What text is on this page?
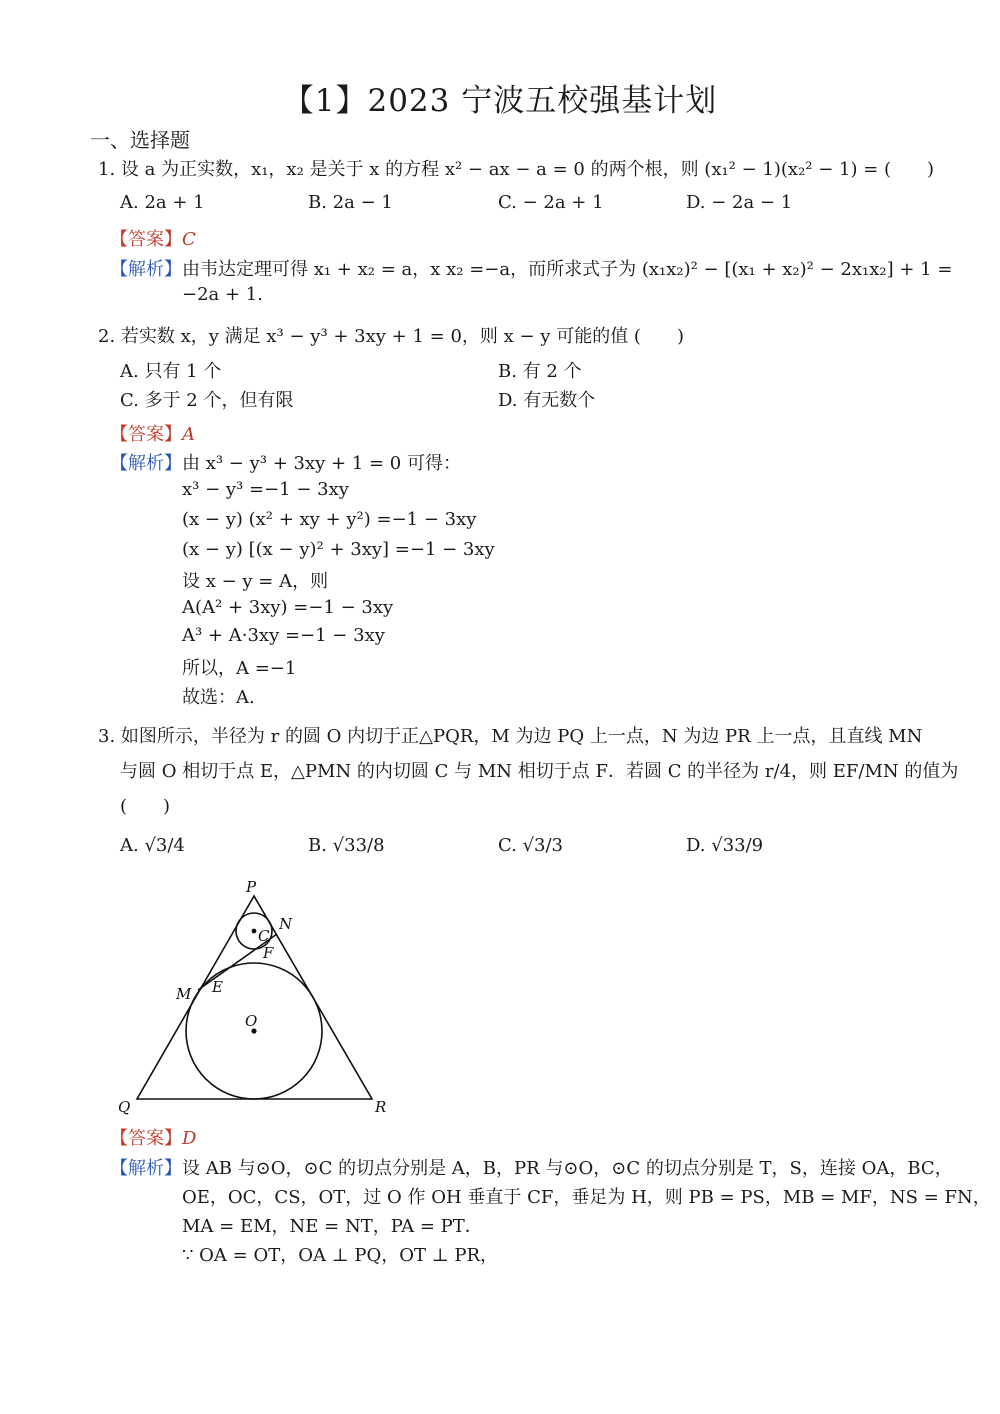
【1】2023 宁波五校强基计划
一、选择题
1. 设 a 为正实数，x₁，x₂ 是关于 x 的方程 x² − ax − a = 0 的两个根，则 (x₁² − 1)(x₂² − 1) = (　　)
A. 2a + 1	B. 2a − 1	C. − 2a + 1	D. − 2a − 1
【答案】C
【解析】由韦达定理可得 x₁ + x₂ = a，x x₂ =−a，而所求式子为 (x₁x₂)² − [(x₁ + x₂)² − 2x₁x₂] + 1 =
−2a + 1.
2. 若实数 x，y 满足 x³ − y³ + 3xy + 1 = 0，则 x − y 可能的值 (　　)
A. 只有 1 个	B. 有 2 个
C. 多于 2 个，但有限	D. 有无数个
【答案】A
【解析】由 x³ − y³ + 3xy + 1 = 0 可得：
x³ − y³ =−1 − 3xy
(x − y) (x² + xy + y²) =−1 − 3xy
(x − y) [(x − y)² + 3xy] =−1 − 3xy
设 x − y = A，则
A(A² + 3xy) =−1 − 3xy
A³ + A·3xy =−1 − 3xy
所以，A =−1
故选：A.
3. 如图所示，半径为 r 的圆 O 内切于正△PQR，M 为边 PQ 上一点，N 为边 PR 上一点，且直线 MN
与圆 O 相切于点 E，△PMN 的内切圆 C 与 MN 相切于点 F．若圆 C 的半径为 r/4，则 EF/MN 的值为
(　　)
A. √3/4	B. √33/8	C. √3/3	D. √33/9
P
Q	R
M
N
E
F
O
C
【答案】D
【解析】设 AB 与⊙O，⊙C 的切点分别是 A，B，PR 与⊙O，⊙C 的切点分别是 T，S，连接 OA，BC，
OE，OC，CS，OT，过 O 作 OH 垂直于 CF，垂足为 H，则 PB = PS，MB = MF，NS = FN，
MA = EM，NE = NT，PA = PT．
∵ OA = OT，OA ⊥ PQ，OT ⊥ PR，
